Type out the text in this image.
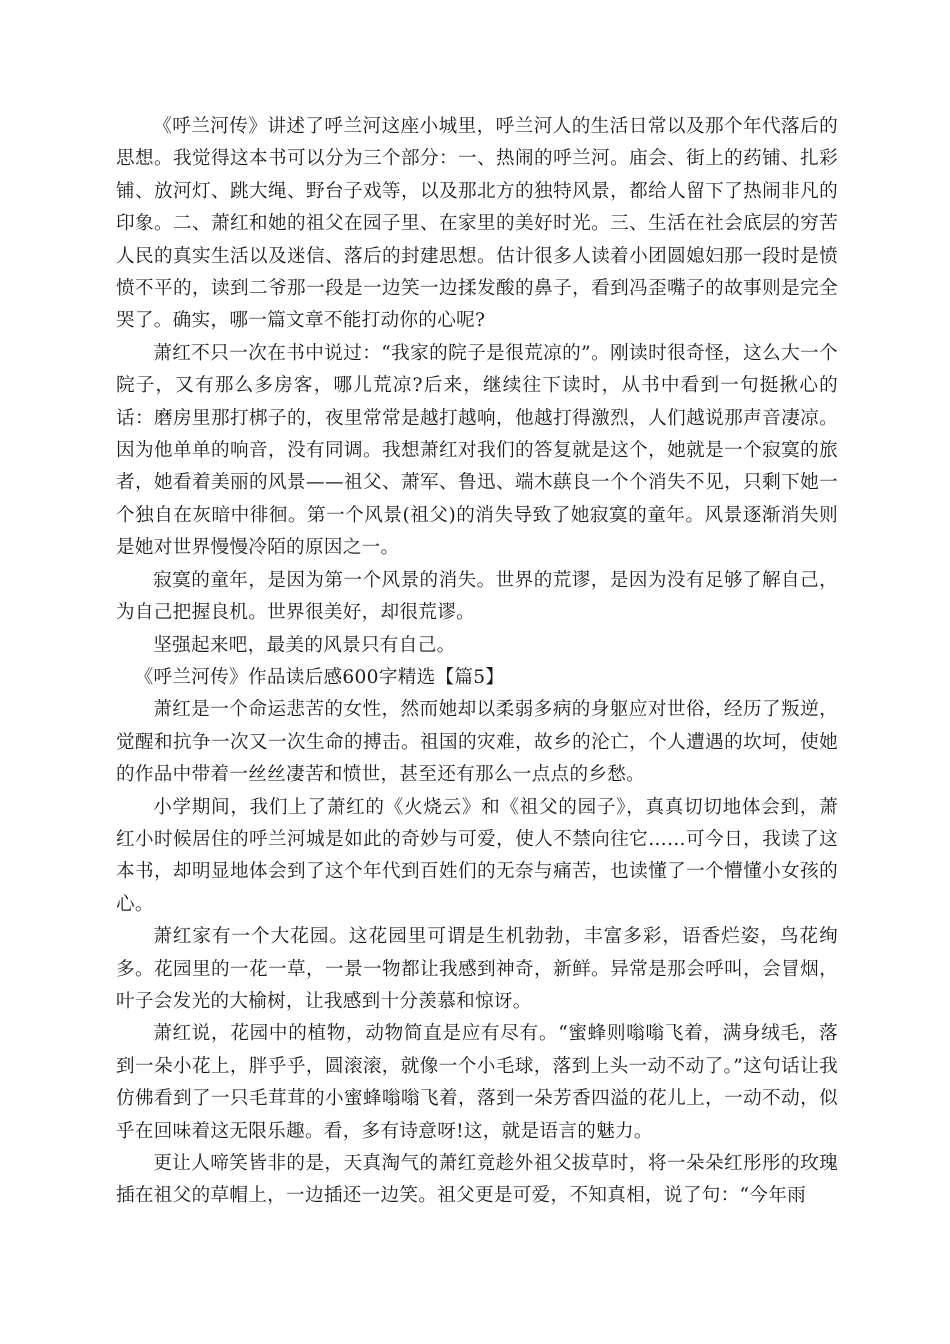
《呼兰河传》讲述了呼兰河这座小城里，呼兰河人的生活日常以及那个年代落后的思想。我觉得这本书可以分为三个部分：一、热闹的呼兰河。庙会、街上的药铺、扎彩铺、放河灯、跳大绳、野台子戏等，以及那北方的独特风景，都给人留下了热闹非凡的印象。二、萧红和她的祖父在园子里、在家里的美好时光。三、生活在社会底层的穷苦人民的真实生活以及迷信、落后的封建思想。估计很多人读着小团圆媳妇那一段时是愤愤不平的，读到二爷那一段是一边笑一边揉发酸的鼻子，看到冯歪嘴子的故事则是完全哭了。确实，哪一篇文章不能打动你的心呢?

萧红不只一次在书中说过：“我家的院子是很荒凉的”。刚读时很奇怪，这么大一个院子，又有那么多房客，哪儿荒凉?后来，继续往下读时，从书中看到一句挺揪心的话：磨房里那打梆子的，夜里常常是越打越响，他越打得激烈，人们越说那声音凄凉。因为他单单的响音，没有同调。我想萧红对我们的答复就是这个，她就是一个寂寞的旅者，她看着美丽的风景——祖父、萧军、鲁迅、端木蕻良一个个消失不见，只剩下她一个独自在灰暗中徘徊。第一个风景(祖父)的消失导致了她寂寞的童年。风景逐渐消失则是她对世界慢慢冷陌的原因之一。

寂寞的童年，是因为第一个风景的消失。世界的荒谬，是因为没有足够了解自己，为自己把握良机。世界很美好，却很荒谬。

坚强起来吧，最美的风景只有自己。

《呼兰河传》作品读后感600字精选【篇5】

萧红是一个命运悲苦的女性，然而她却以柔弱多病的身躯应对世俗，经历了叛逆，觉醒和抗争一次又一次生命的搏击。祖国的灾难，故乡的沦亡，个人遭遇的坎坷，使她的作品中带着一丝丝凄苦和愤世，甚至还有那么一点点的乡愁。

小学期间，我们上了萧红的《火烧云》和《祖父的园子》，真真切切地体会到，萧红小时候居住的呼兰河城是如此的奇妙与可爱，使人不禁向往它……可今日，我读了这本书，却明显地体会到了这个年代到百姓们的无奈与痛苦，也读懂了一个懵懂小女孩的心。

萧红家有一个大花园。这花园里可谓是生机勃勃，丰富多彩，语香烂姿，鸟花绚多。花园里的一花一草，一景一物都让我感到神奇，新鲜。异常是那会呼叫，会冒烟，叶子会发光的大榆树，让我感到十分羡慕和惊讶。

萧红说，花园中的植物，动物简直是应有尽有。“蜜蜂则嗡嗡飞着，满身绒毛，落到一朵小花上，胖乎乎，圆滚滚，就像一个小毛球，落到上头一动不动了。”这句话让我仿佛看到了一只毛茸茸的小蜜蜂嗡嗡飞着，落到一朵芳香四溢的花儿上，一动不动，似乎在回味着这无限乐趣。看，多有诗意呀!这，就是语言的魅力。

更让人啼笑皆非的是，天真淘气的萧红竟趁外祖父拔草时，将一朵朵红彤彤的玫瑰插在祖父的草帽上，一边插还一边笑。祖父更是可爱，不知真相，说了句：“今年雨
